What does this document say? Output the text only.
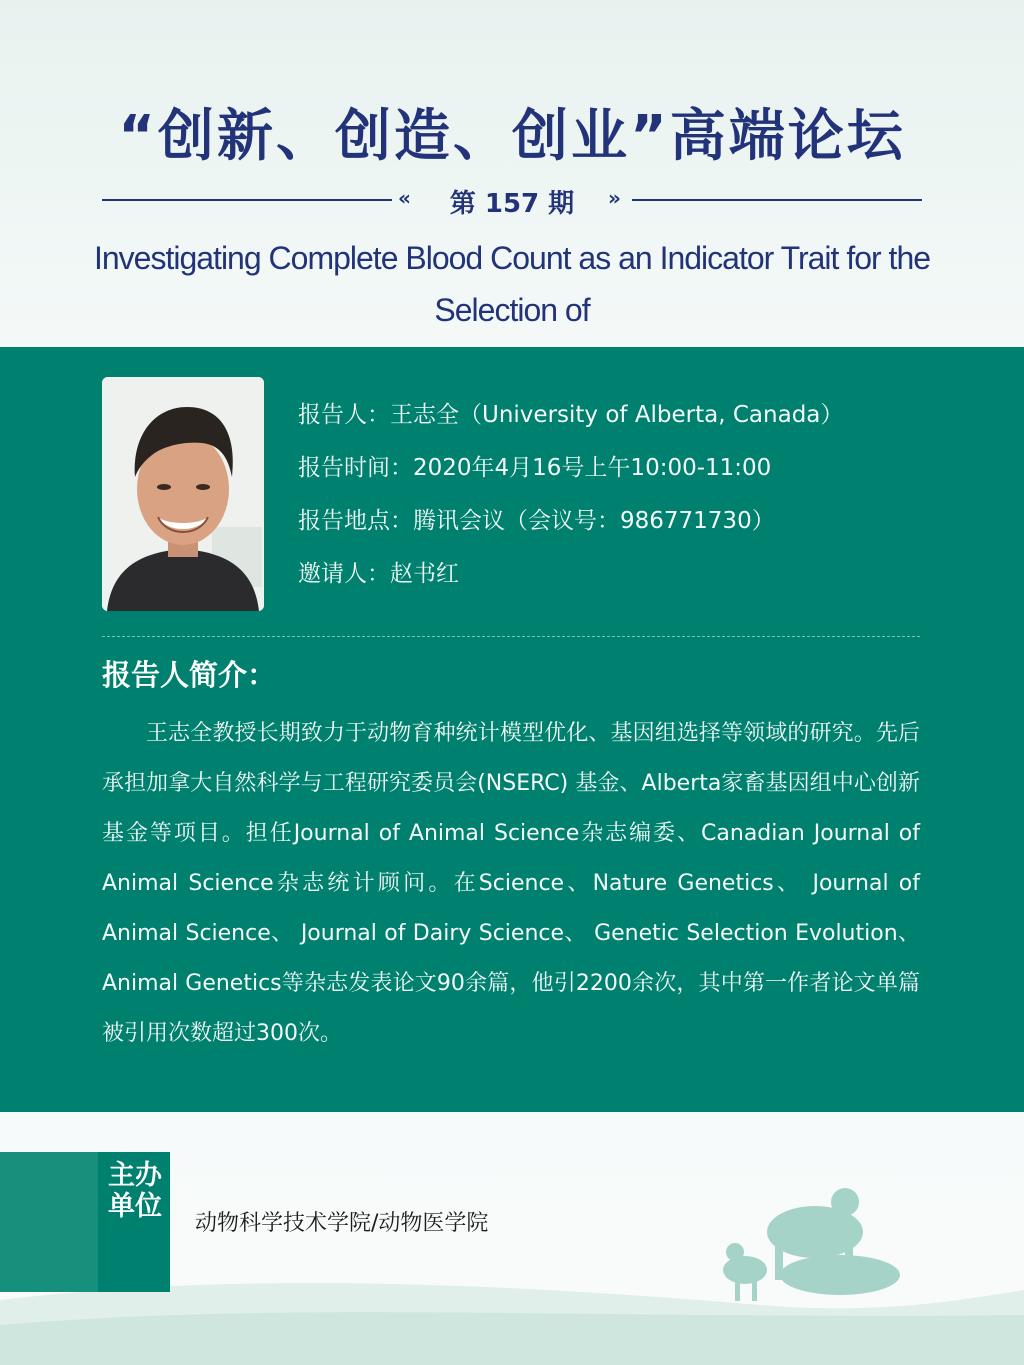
“创新、创造、创业”高端论坛
«	第 157 期	»
Investigating Complete Blood Count as an Indicator Trait for the Selection of
报告人：王志全（University of Alberta, Canada）
报告时间：2020年4月16号上午10:00-11:00
报告地点：腾讯会议（会议号：986771730）
邀请人：赵书红
报告人简介：
王志全教授长期致力于动物育种统计模型优化、基因组选择等领域的研究。先后承担加拿大自然科学与工程研究委员会(NSERC) 基金、Alberta家畜基因组中心创新基金等项目。担任Journal of Animal Science杂志编委、Canadian Journal of Animal Science杂志统计顾问。在Science、Nature Genetics、 Journal of Animal Science、 Journal of Dairy Science、 Genetic Selection Evolution、Animal Genetics等杂志发表论文90余篇，他引2200余次，其中第一作者论文单篇被引用次数超过300次。
主办单位
动物科学技术学院/动物医学院
